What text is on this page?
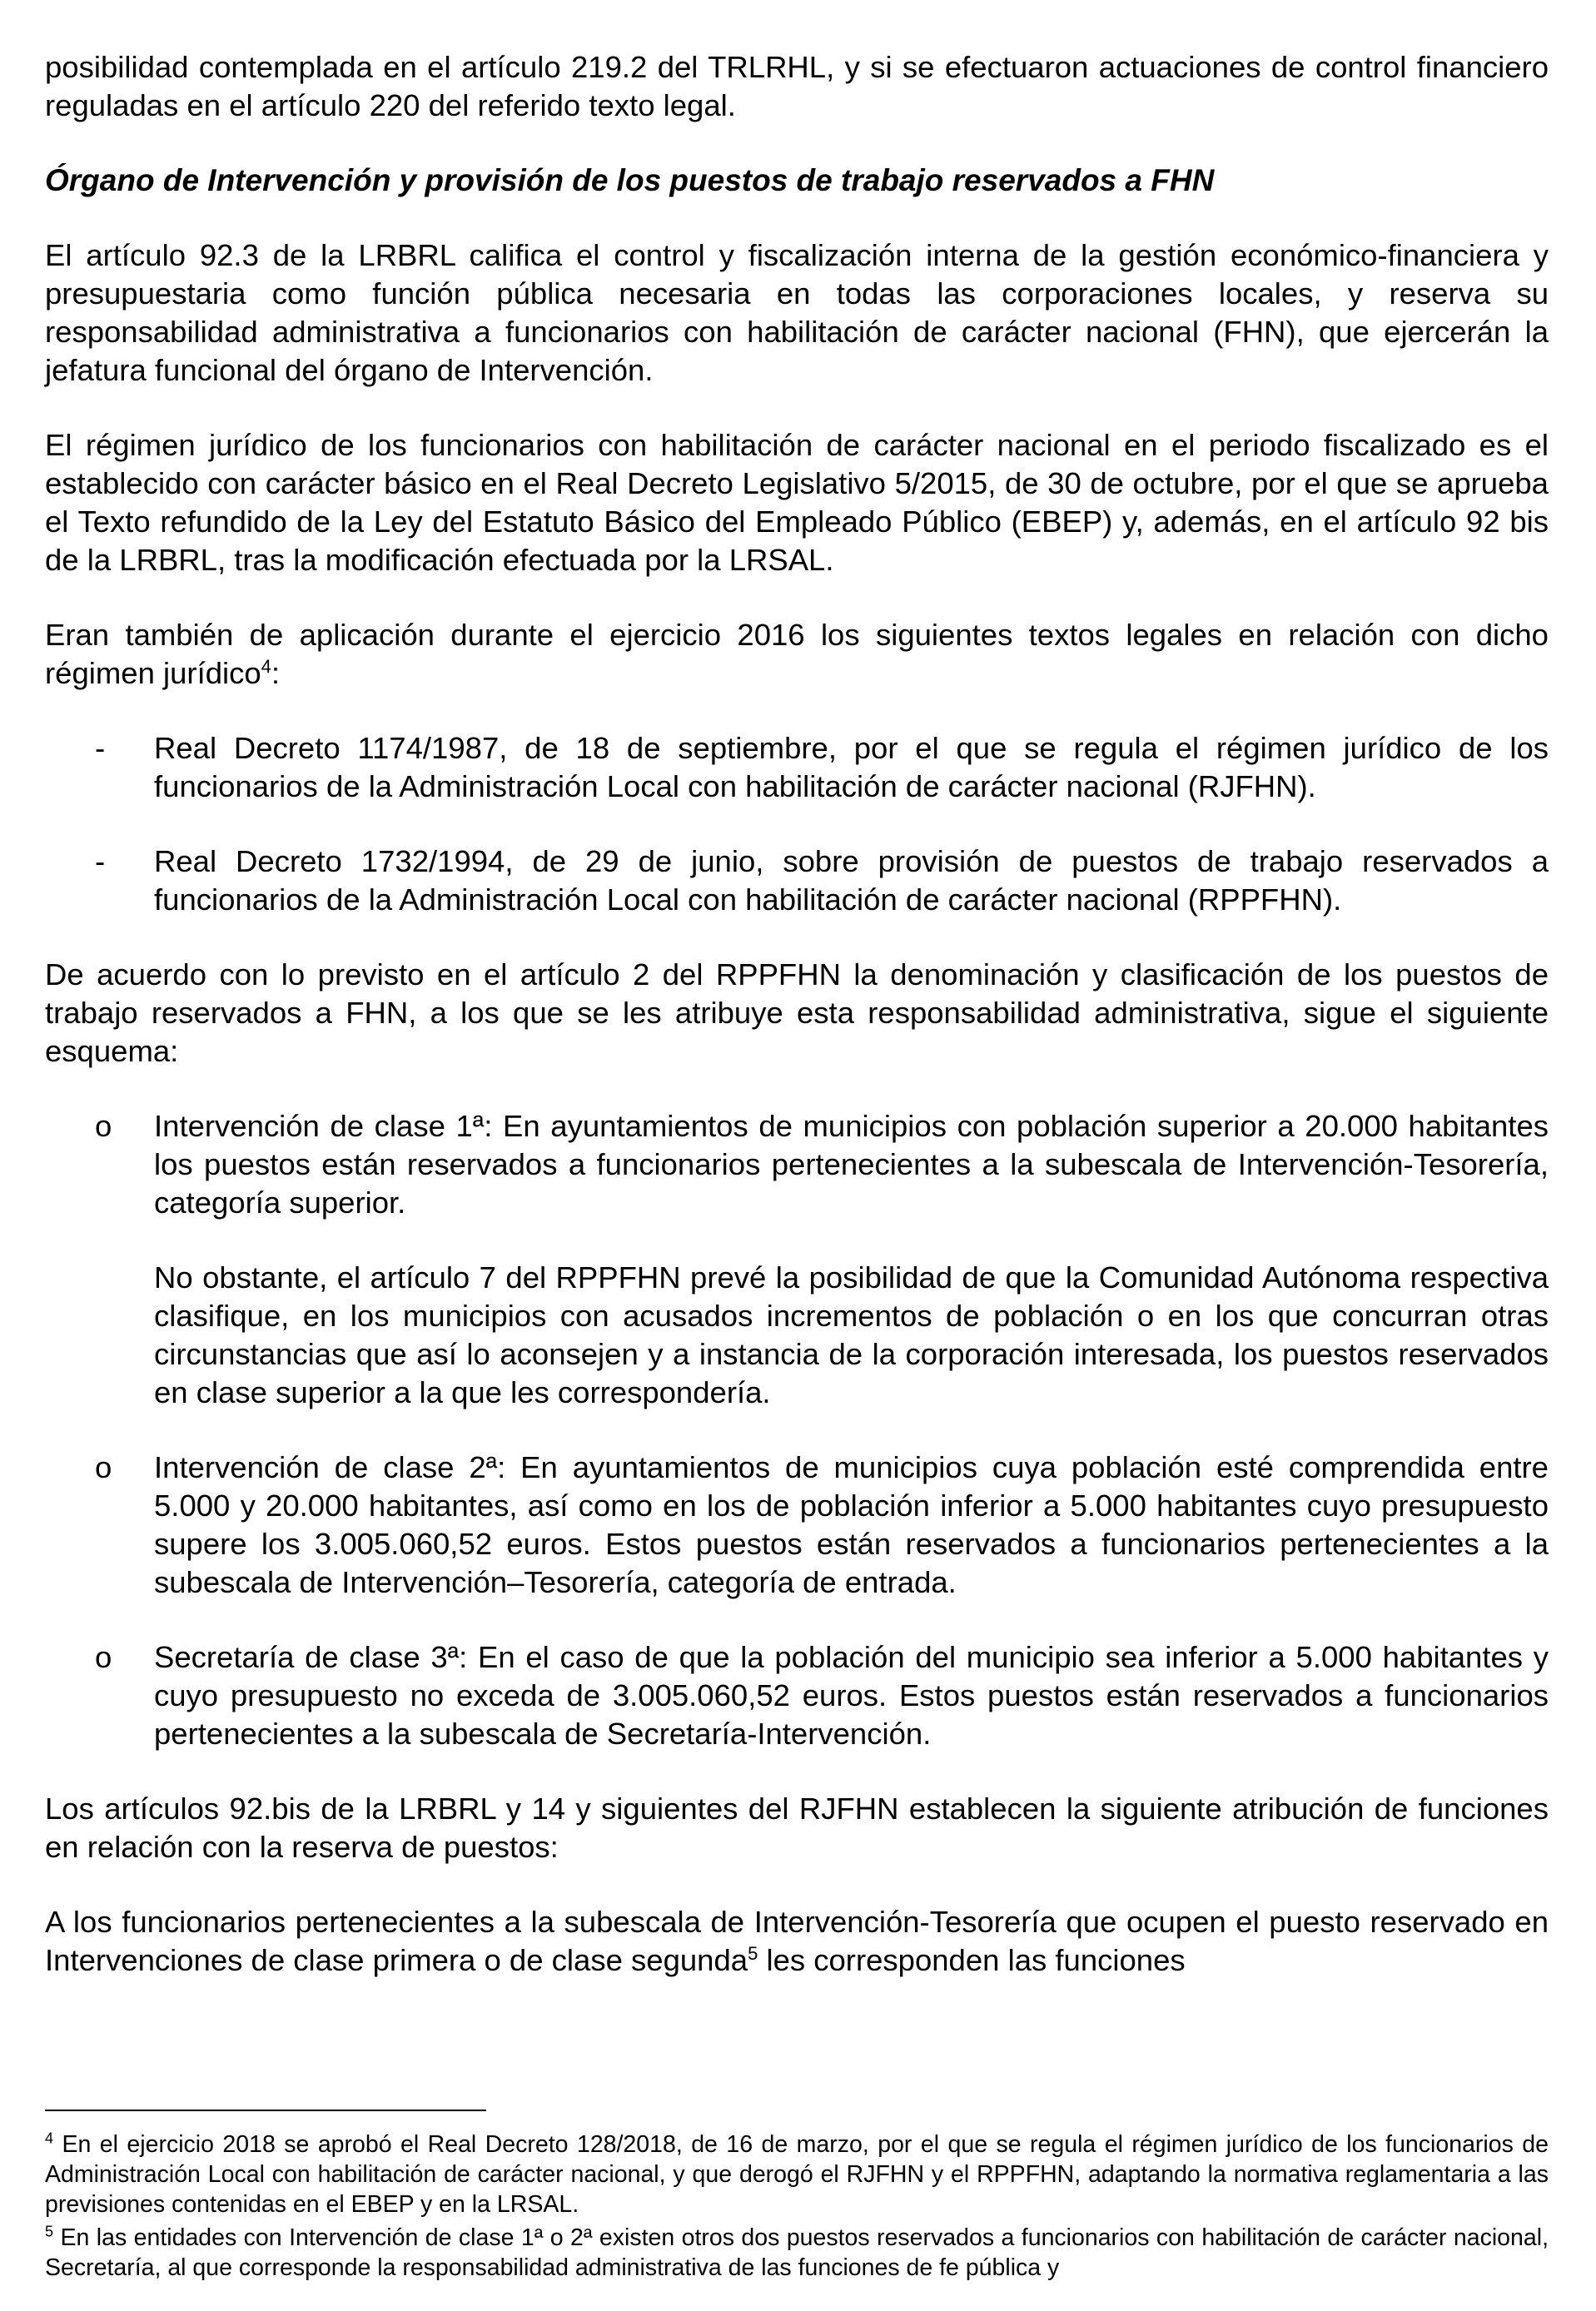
posibilidad contemplada en el artículo 219.2 del TRLRHL, y si se efectuaron actuaciones de control financiero reguladas en el artículo 220 del referido texto legal.

Órgano de Intervención y provisión de los puestos de trabajo reservados a FHN

El artículo 92.3 de la LRBRL califica el control y fiscalización interna de la gestión económico-financiera y presupuestaria como función pública necesaria en todas las corporaciones locales, y reserva su responsabilidad administrativa a funcionarios con habilitación de carácter nacional (FHN), que ejercerán la jefatura funcional del órgano de Intervención.

El régimen jurídico de los funcionarios con habilitación de carácter nacional en el periodo fiscalizado es el establecido con carácter básico en el Real Decreto Legislativo 5/2015, de 30 de octubre, por el que se aprueba el Texto refundido de la Ley del Estatuto Básico del Empleado Público (EBEP) y, además, en el artículo 92 bis de la LRBRL, tras la modificación efectuada por la LRSAL.

Eran también de aplicación durante el ejercicio 2016 los siguientes textos legales en relación con dicho régimen jurídico$^4$:

- Real Decreto 1174/1987, de 18 de septiembre, por el que se regula el régimen jurídico de los funcionarios de la Administración Local con habilitación de carácter nacional (RJFHN).
- Real Decreto 1732/1994, de 29 de junio, sobre provisión de puestos de trabajo reservados a funcionarios de la Administración Local con habilitación de carácter nacional (RPPFHN).

De acuerdo con lo previsto en el artículo 2 del RPPFHN la denominación y clasificación de los puestos de trabajo reservados a FHN, a los que se les atribuye esta responsabilidad administrativa, sigue el siguiente esquema:

o Intervención de clase 1ª: En ayuntamientos de municipios con población superior a 20.000 habitantes los puestos están reservados a funcionarios pertenecientes a la subescala de Intervención-Tesorería, categoría superior.

No obstante, el artículo 7 del RPPFHN prevé la posibilidad de que la Comunidad Autónoma respectiva clasifique, en los municipios con acusados incrementos de población o en los que concurran otras circunstancias que así lo aconsejen y a instancia de la corporación interesada, los puestos reservados en clase superior a la que les correspondería.

o Intervención de clase 2ª: En ayuntamientos de municipios cuya población esté comprendida entre 5.000 y 20.000 habitantes, así como en los de población inferior a 5.000 habitantes cuyo presupuesto supere los 3.005.060,52 euros. Estos puestos están reservados a funcionarios pertenecientes a la subescala de Intervención–Tesorería, categoría de entrada.
o Secretaría de clase 3ª: En el caso de que la población del municipio sea inferior a 5.000 habitantes y cuyo presupuesto no exceda de 3.005.060,52 euros. Estos puestos están reservados a funcionarios pertenecientes a la subescala de Secretaría-Intervención.

Los artículos 92.bis de la LRBRL y 14 y siguientes del RJFHN establecen la siguiente atribución de funciones en relación con la reserva de puestos:

A los funcionarios pertenecientes a la subescala de Intervención-Tesorería que ocupen el puesto reservado en Intervenciones de clase primera o de clase segunda$^5$ les corresponden las funciones

$^4$ En el ejercicio 2018 se aprobó el Real Decreto 128/2018, de 16 de marzo, por el que se regula el régimen jurídico de los funcionarios de Administración Local con habilitación de carácter nacional, y que derogó el RJFHN y el RPPFHN, adaptando la normativa reglamentaria a las previsiones contenidas en el EBEP y en la LRSAL.

$^5$ En las entidades con Intervención de clase 1ª o 2ª existen otros dos puestos reservados a funcionarios con habilitación de carácter nacional, Secretaría, al que corresponde la responsabilidad administrativa de las funciones de fe pública y
